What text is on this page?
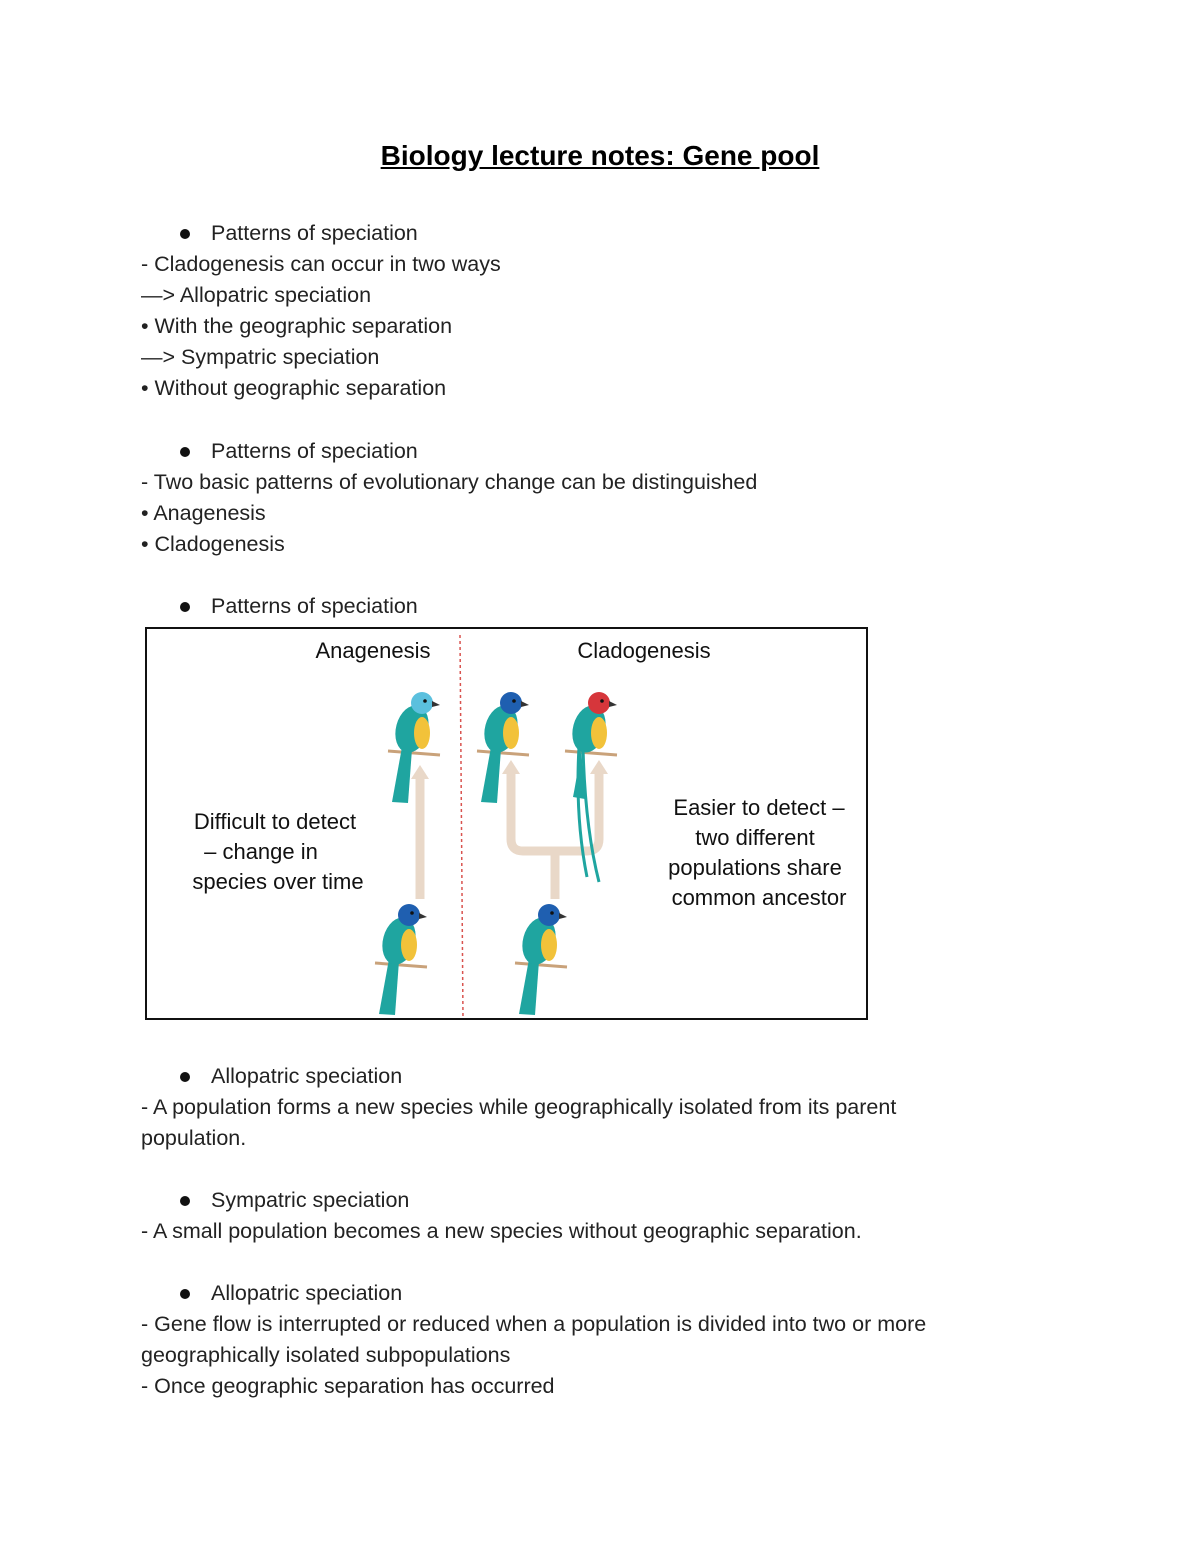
Biology lecture notes: Gene pool
Patterns of speciation
- Cladogenesis can occur in two ways
—> Allopatric speciation
• With the geographic separation
—> Sympatric speciation
• Without geographic separation
Patterns of speciation
- Two basic patterns of evolutionary change can be distinguished
• Anagenesis
• Cladogenesis
Patterns of speciation
Anagenesis	Cladogenesis
Difficult to detect
– change in
species over time
Easier to detect –
two different
populations share
common ancestor
Allopatric speciation
- A population forms a new species while geographically isolated from its parent
population.
Sympatric speciation
- A small population becomes a new species without geographic separation.
Allopatric speciation
- Gene flow is interrupted or reduced when a population is divided into two or more
geographically isolated subpopulations
- Once geographic separation has occurred
